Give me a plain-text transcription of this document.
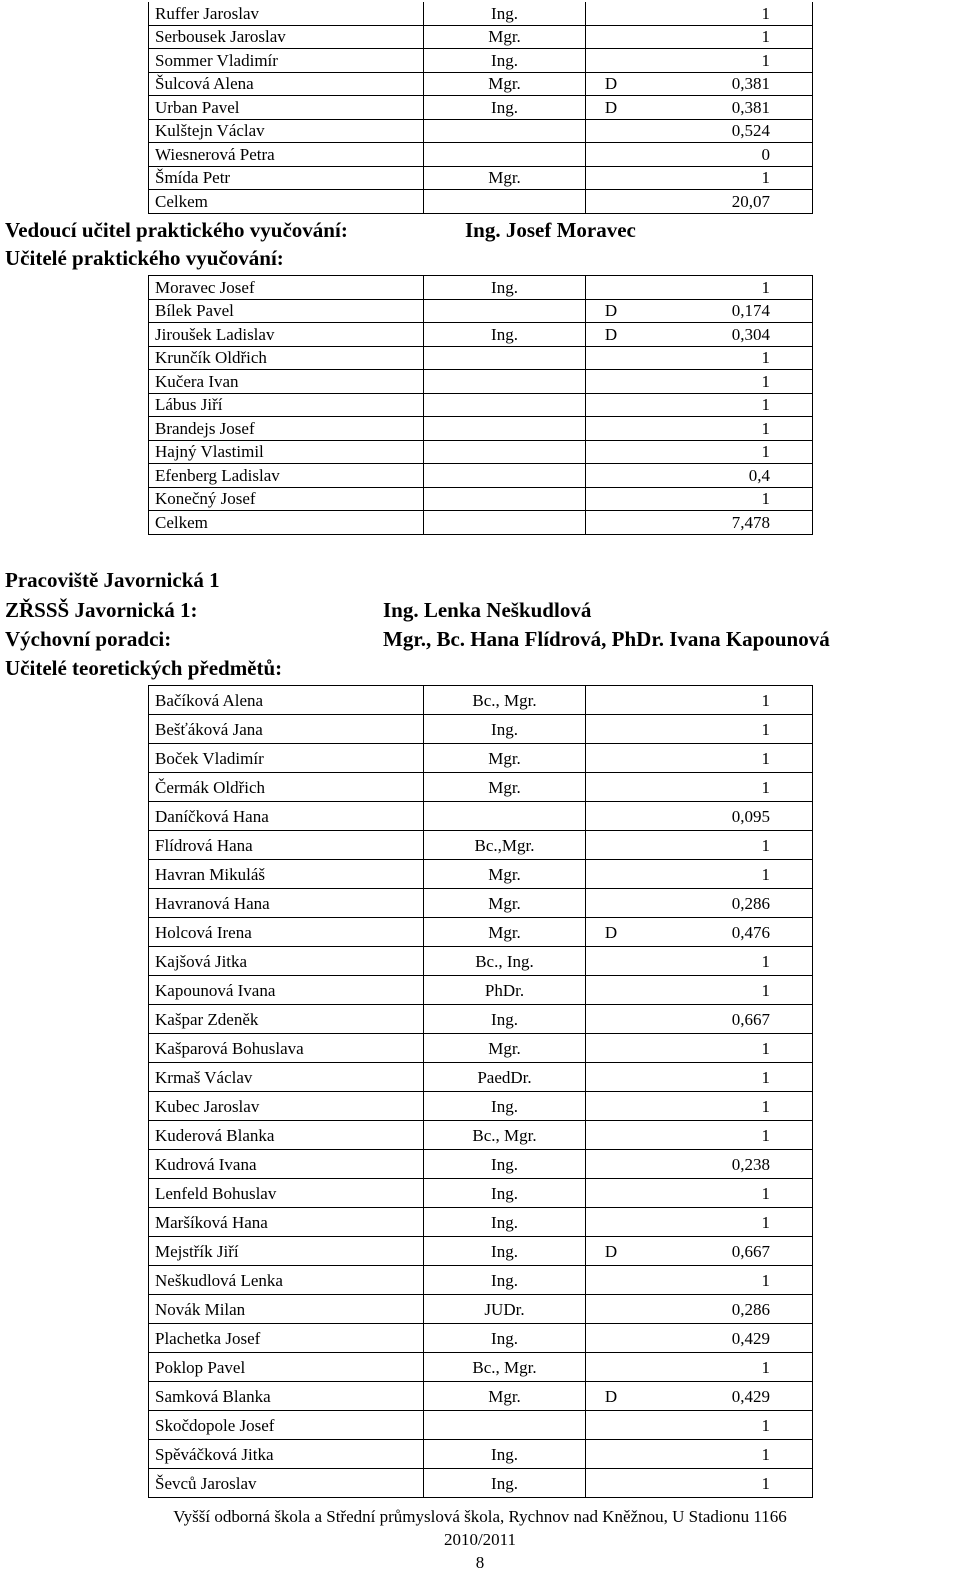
Ruffer Jaroslav	Ing.		1
Serbousek Jaroslav	Mgr.		1
Sommer Vladimír	Ing.		1
Šulcová Alena	Mgr.	D	0,381
Urban Pavel	Ing.	D	0,381
Kulštejn Václav			0,524
Wiesnerová Petra			0
Šmída Petr	Mgr.		1
Celkem			20,07
Vedoucí učitel praktického vyučování:	Ing. Josef Moravec
Učitelé praktického vyučování:
Moravec Josef	Ing.		1
Bílek Pavel		D	0,174
Jiroušek Ladislav	Ing.	D	0,304
Krunčík Oldřich			1
Kučera Ivan			1
Lábus Jiří			1
Brandejs Josef			1
Hajný Vlastimil			1
Efenberg Ladislav			0,4
Konečný Josef			1
Celkem			7,478
Pracoviště Javornická 1
ZŘSSŠ Javornická 1:	Ing. Lenka Neškudlová
Výchovní poradci:	Mgr., Bc. Hana Flídrová, PhDr. Ivana Kapounová
Učitelé teoretických předmětů:
Bačíková Alena	Bc., Mgr.		1
Bešťáková Jana	Ing.		1
Boček Vladimír	Mgr.		1
Čermák Oldřich	Mgr.		1
Daníčková Hana			0,095
Flídrová Hana	Bc.,Mgr.		1
Havran Mikuláš	Mgr.		1
Havranová Hana	Mgr.		0,286
Holcová Irena	Mgr.	D	0,476
Kajšová Jitka	Bc., Ing.		1
Kapounová Ivana	PhDr.		1
Kašpar Zdeněk	Ing.		0,667
Kašparová Bohuslava	Mgr.		1
Krmaš Václav	PaedDr.		1
Kubec Jaroslav	Ing.		1
Kuderová Blanka	Bc., Mgr.		1
Kudrová Ivana	Ing.		0,238
Lenfeld Bohuslav	Ing.		1
Maršíková Hana	Ing.		1
Mejstřík Jiří	Ing.	D	0,667
Neškudlová Lenka	Ing.		1
Novák Milan	JUDr.		0,286
Plachetka Josef	Ing.		0,429
Poklop Pavel	Bc., Mgr.		1
Samková Blanka	Mgr.	D	0,429
Skočdopole Josef			1
Spěváčková Jitka	Ing.		1
Ševců Jaroslav	Ing.		1
Vyšší odborná škola a Střední průmyslová škola, Rychnov nad Kněžnou, U Stadionu 1166
2010/2011
8
